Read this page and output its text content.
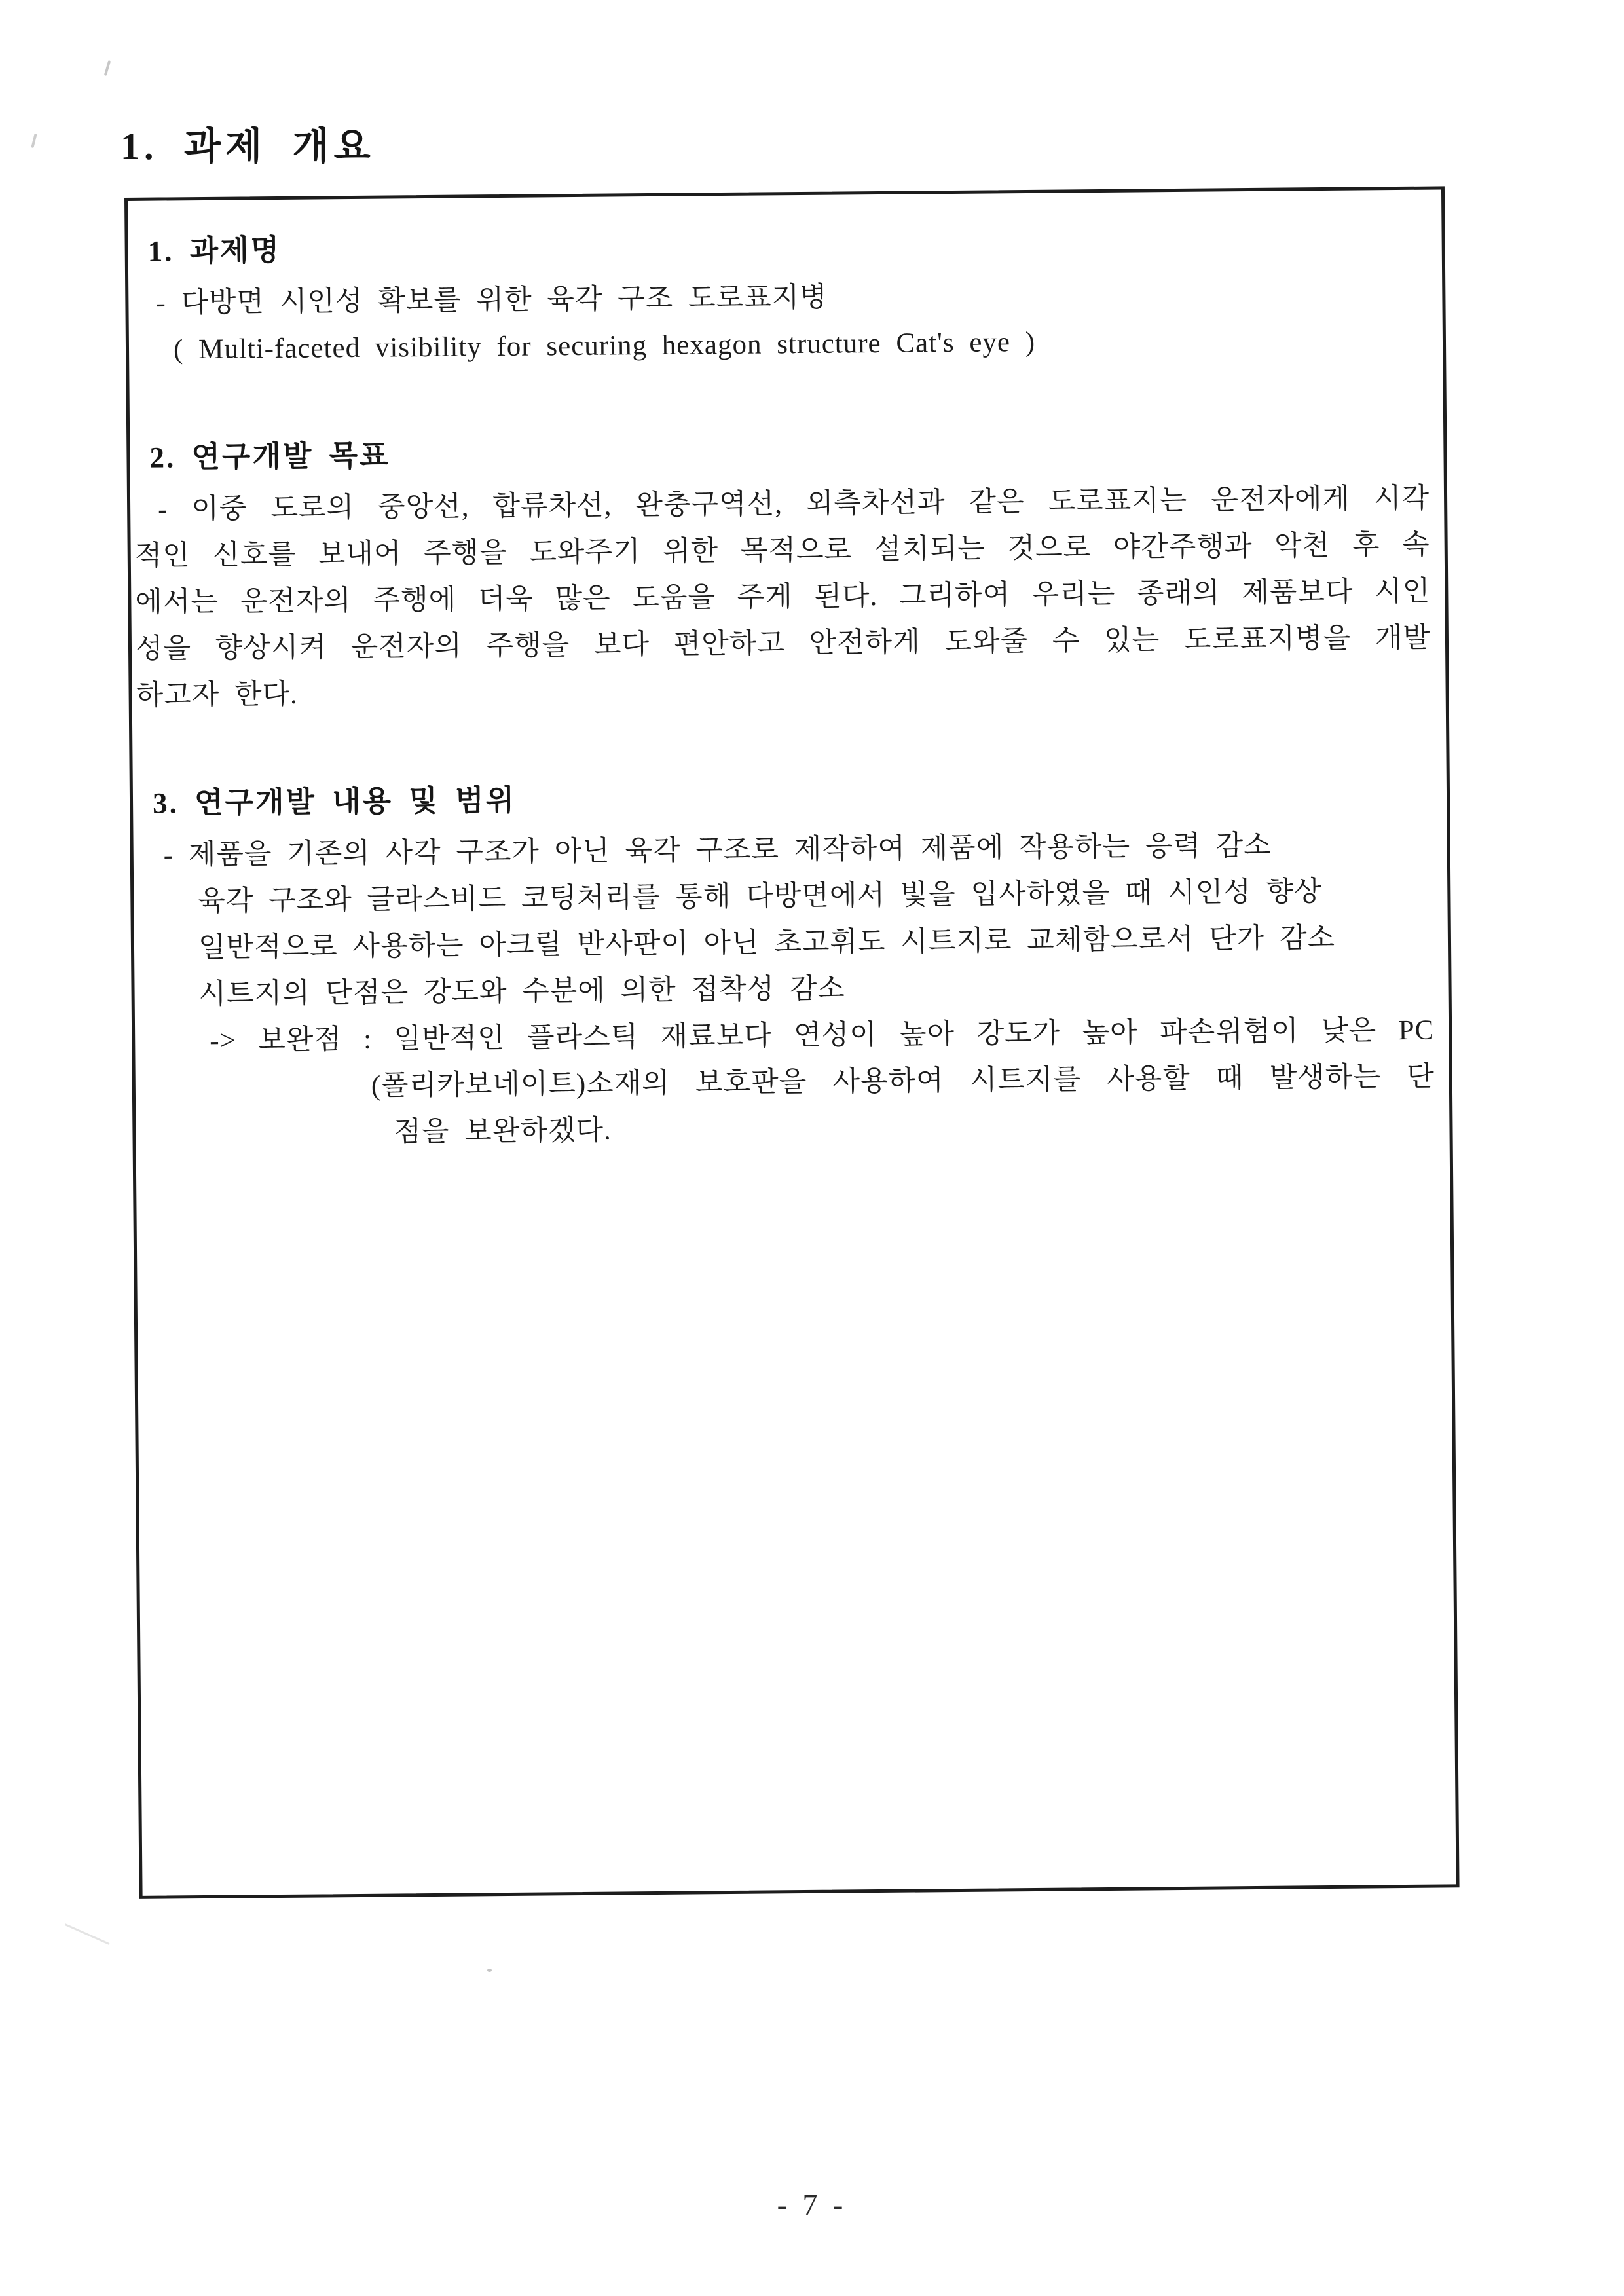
1. 과제 개요
1. 과제명

- 다방면 시인성 확보를 위한 육각 구조 도로표지병

( Multi-faceted visibility for securing hexagon structure Cat's eye )

2. 연구개발 목표

- 이중 도로의 중앙선, 합류차선, 완충구역선, 외측차선과 같은 도로표지는 운전자에게 시각

적인 신호를 보내어 주행을 도와주기 위한 목적으로 설치되는 것으로 야간주행과 악천 후 속

에서는 운전자의 주행에 더욱 많은 도움을 주게 된다. 그리하여 우리는 종래의 제품보다 시인

성을 향상시켜 운전자의 주행을 보다 편안하고 안전하게 도와줄 수 있는 도로표지병을 개발

하고자 한다.

3. 연구개발 내용 및 범위

- 제품을 기존의 사각 구조가 아닌 육각 구조로 제작하여 제품에 작용하는 응력 감소

육각 구조와 글라스비드 코팅처리를 통해 다방면에서 빛을 입사하였을 때 시인성 향상

일반적으로 사용하는 아크릴 반사판이 아닌 초고휘도 시트지로 교체함으로서 단가 감소

시트지의 단점은 강도와 수분에 의한 접착성 감소

-> 보완점 : 일반적인 플라스틱 재료보다 연성이 높아 강도가 높아 파손위험이 낮은 PC

(폴리카보네이트)소재의 보호판을 사용하여 시트지를 사용할 때 발생하는 단

점을 보완하겠다.

- 7 -
